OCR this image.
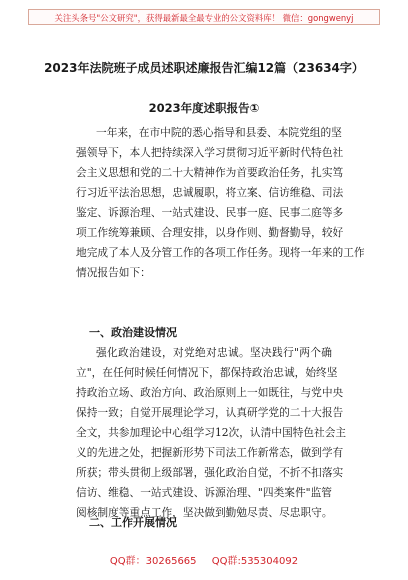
关注头条号"公文研究"，获得最新最全最专业的公文资料库！ 微信：gongwenyj
2023年法院班子成员述职述廉报告汇编12篇（23634字）
2023年度述职报告①
一年来，在市中院的悉心指导和县委、本院党组的坚
强领导下，本人把持续深入学习贯彻习近平新时代特色社
会主义思想和党的二十大精神作为首要政治任务，扎实笃
行习近平法治思想，忠诚履职，将立案、信访维稳、司法
鉴定、诉源治理、一站式建设、民事一庭、民事二庭等多
项工作统筹兼顾、合理安排，以身作则、勤督勤导，较好
地完成了本人及分管工作的各项工作任务。现将一年来的工作
情况报告如下：
一、政治建设情况
强化政治建设，对党绝对忠诚。坚决践行"两个确
立"，在任何时候任何情况下，都保持政治忠诚，始终坚
持政治立场、政治方向、政治原则上一如既往，与党中央
保持一致；自觉开展理论学习，认真研学党的二十大报告
全文，共参加理论中心组学习12次，认清中国特色社会主
义的先进之处，把握新形势下司法工作新常态，做到学有
所获；带头贯彻上级部署，强化政治自觉，不折不扣落实
信访、维稳、一站式建设、诉源治理、"四类案件"监管
阅核制度等重点工作，坚决做到勤勉尽责、尽忠职守。
二、工作开展情况
QQ群：30265665 QQ群:535304092
